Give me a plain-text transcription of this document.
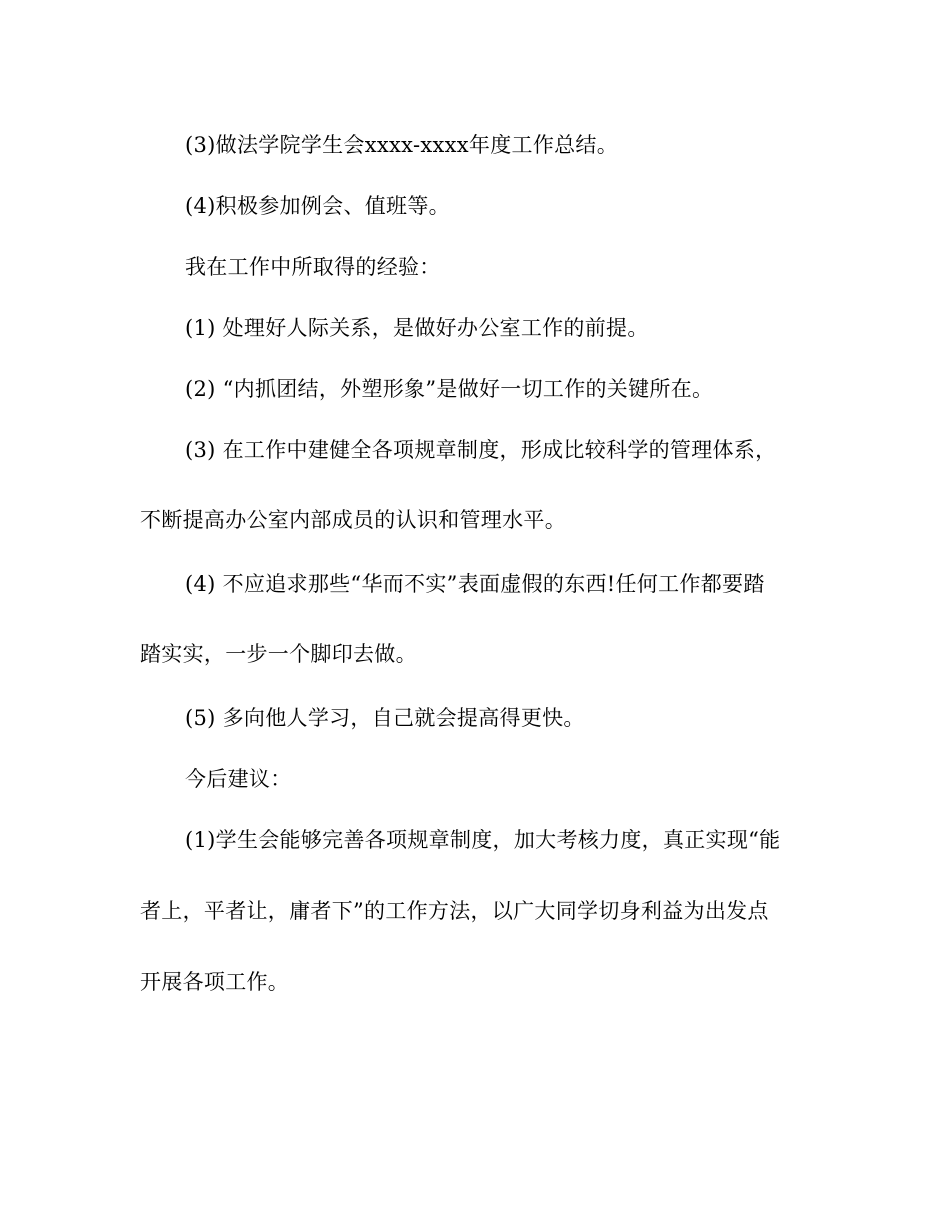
(3)做法学院学生会xxxx-xxxx年度工作总结。
(4)积极参加例会、值班等。
我在工作中所取得的经验：
(1) 处理好人际关系，是做好办公室工作的前提。
(2) “内抓团结，外塑形象”是做好一切工作的关键所在。
(3) 在工作中建健全各项规章制度，形成比较科学的管理体系，
不断提高办公室内部成员的认识和管理水平。
(4) 不应追求那些“华而不实”表面虚假的东西!任何工作都要踏
踏实实，一步一个脚印去做。
(5) 多向他人学习，自己就会提高得更快。
今后建议：
(1)学生会能够完善各项规章制度，加大考核力度，真正实现“能
者上，平者让，庸者下”的工作方法，以广大同学切身利益为出发点
开展各项工作。
